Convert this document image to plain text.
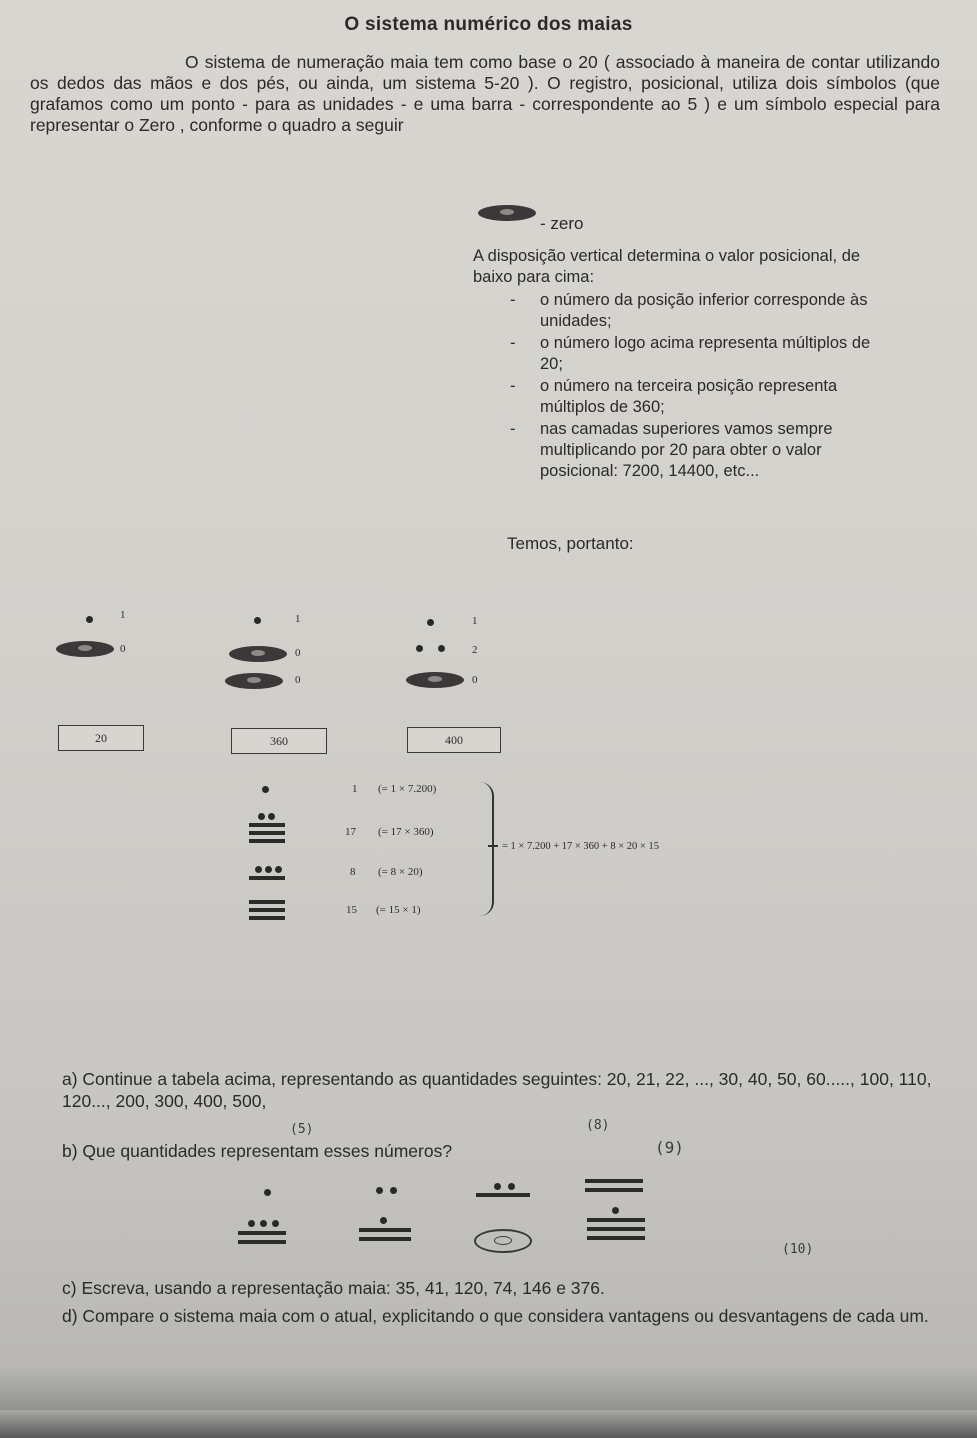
O sistema numérico dos maias
O sistema de numeração maia tem como base o 20 ( associado à maneira de contar utilizando os dedos das mãos e dos pés, ou ainda, um sistema 5-20 ). O registro, posicional, utiliza dois símbolos (que grafamos como um ponto - para as unidades - e uma barra - correspondente ao 5 ) e um símbolo especial para representar o Zero , conforme o quadro a seguir
- zero
A disposição vertical determina o valor posicional, de baixo para cima:
- o número da posição inferior corresponde às unidades;
- o número logo acima representa múltiplos de 20;
- o número na terceira posição representa múltiplos de 360;
- nas camadas superiores vamos sempre multiplicando por 20 para obter o valor posicional: 7200, 14400, etc...
Temos, portanto:
1
0
20
1
0
0
360
1
2
0
400
1 (= 1 × 7.200)
17 (= 17 × 360)
8 (= 8 × 20)
15 (= 15 × 1)
= 1 × 7.200 + 17 × 360 + 8 × 20 × 15
a) Continue a tabela acima, representando as quantidades seguintes: 20, 21, 22, ..., 30, 40, 50, 60....., 100, 110, 120..., 200, 300, 400, 500,
b) Que quantidades representam esses números?
(5)	(8)
(9)
(10)
c) Escreva, usando a representação maia: 35, 41, 120, 74, 146 e 376.
d) Compare o sistema maia com o atual, explicitando o que considera vantagens ou desvantagens de cada um.
